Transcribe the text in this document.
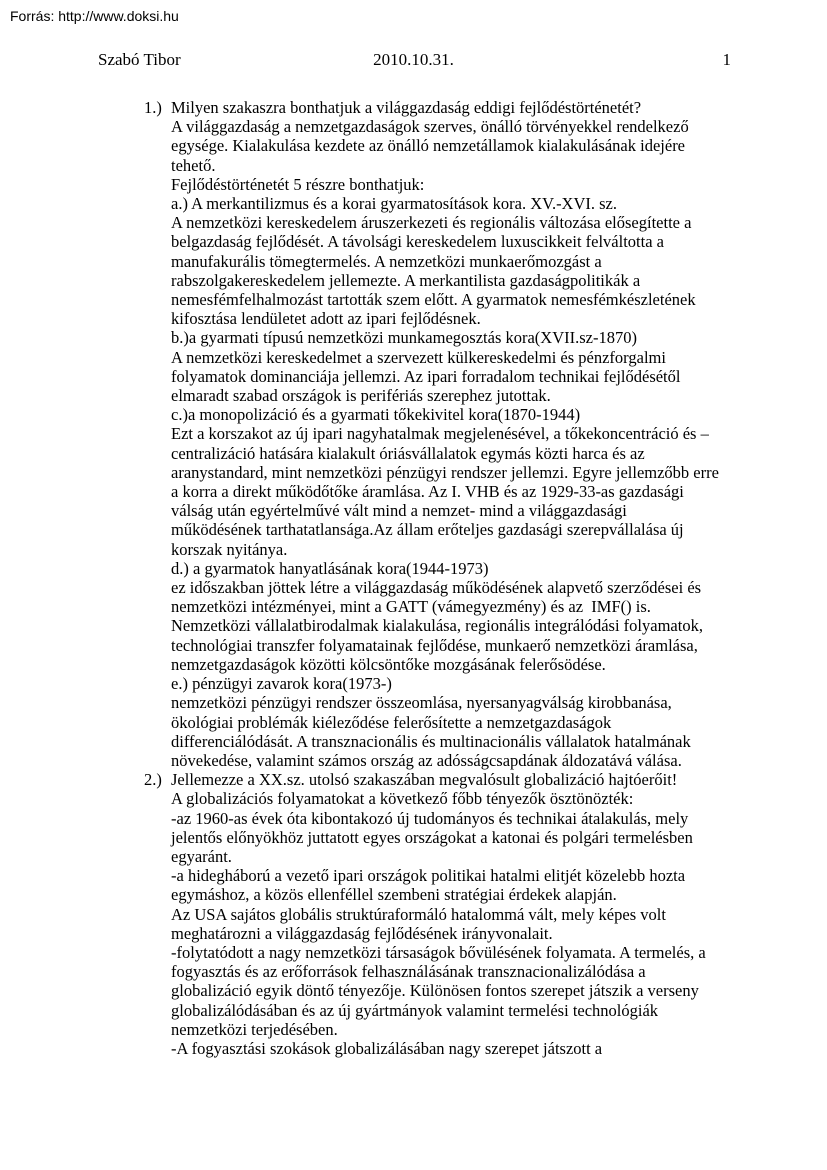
Forrás: http://www.doksi.hu
2010.10.31.
Szabó Tibor	1
1.) Milyen szakaszra bonthatjuk a világgazdaság eddigi fejlődéstörténetét?
A világgazdaság a nemzetgazdaságok szerves, önálló törvényekkel rendelkező
egysége. Kialakulása kezdete az önálló nemzetállamok kialakulásának idejére
tehető.
Fejlődéstörténetét 5 részre bonthatjuk:
a.) A merkantilizmus és a korai gyarmatosítások kora. XV.-XVI. sz.
A nemzetközi kereskedelem áruszerkezeti és regionális változása elősegítette a
belgazdaság fejlődését. A távolsági kereskedelem luxuscikkeit felváltotta a
manufakurális tömegtermelés. A nemzetközi munkaerőmozgást a
rabszolgakereskedelem jellemezte. A merkantilista gazdaságpolitikák a
nemesfémfelhalmozást tartották szem előtt. A gyarmatok nemesfémkészletének
kifosztása lendületet adott az ipari fejlődésnek.
b.)a gyarmati típusú nemzetközi munkamegosztás kora(XVII.sz-1870)
A nemzetközi kereskedelmet a szervezett külkereskedelmi és pénzforgalmi
folyamatok dominanciája jellemzi. Az ipari forradalom technikai fejlődésétől
elmaradt szabad országok is perifériás szerephez jutottak.
c.)a monopolizáció és a gyarmati tőkekivitel kora(1870-1944)
Ezt a korszakot az új ipari nagyhatalmak megjelenésével, a tőkekoncentráció és –
centralizáció hatására kialakult óriásvállalatok egymás közti harca és az
aranystandard, mint nemzetközi pénzügyi rendszer jellemzi. Egyre jellemzőbb erre
a korra a direkt működőtőke áramlása. Az I. VHB és az 1929-33-as gazdasági
válság után egyértelművé vált mind a nemzet- mind a világgazdasági
működésének tarthatatlansága.Az állam erőteljes gazdasági szerepvállalása új
korszak nyitánya.
d.) a gyarmatok hanyatlásának kora(1944-1973)
ez időszakban jöttek létre a világgazdaság működésének alapvető szerződései és
nemzetközi intézményei, mint a GATT (vámegyezmény) és az  IMF() is.
Nemzetközi vállalatbirodalmak kialakulása, regionális integrálódási folyamatok,
technológiai transzfer folyamatainak fejlődése, munkaerő nemzetközi áramlása,
nemzetgazdaságok közötti kölcsöntőke mozgásának felerősödése.
e.) pénzügyi zavarok kora(1973-)
nemzetközi pénzügyi rendszer összeomlása, nyersanyagválság kirobbanása,
ökológiai problémák kiéleződése felerősítette a nemzetgazdaságok
differenciálódását. A transznacionális és multinacionális vállalatok hatalmának
növekedése, valamint számos ország az adósságcsapdának áldozatává válása.
2.) Jellemezze a XX.sz. utolsó szakaszában megvalósult globalizáció hajtóerőit!
A globalizációs folyamatokat a következő főbb tényezők ösztönözték:
-az 1960-as évek óta kibontakozó új tudományos és technikai átalakulás, mely
jelentős előnyökhöz juttatott egyes országokat a katonai és polgári termelésben
egyaránt.
-a hidegháború a vezető ipari országok politikai hatalmi elitjét közelebb hozta
egymáshoz, a közös ellenféllel szembeni stratégiai érdekek alapján.
Az USA sajátos globális struktúraformáló hatalommá vált, mely képes volt
meghatározni a világgazdaság fejlődésének irányvonalait.
-folytatódott a nagy nemzetközi társaságok bővülésének folyamata. A termelés, a
fogyasztás és az erőforrások felhasználásának transznacionalizálódása a
globalizáció egyik döntő tényezője. Különösen fontos szerepet játszik a verseny
globalizálódásában és az új gyártmányok valamint termelési technológiák
nemzetközi terjedésében.
-A fogyasztási szokások globalizálásában nagy szerepet játszott a
